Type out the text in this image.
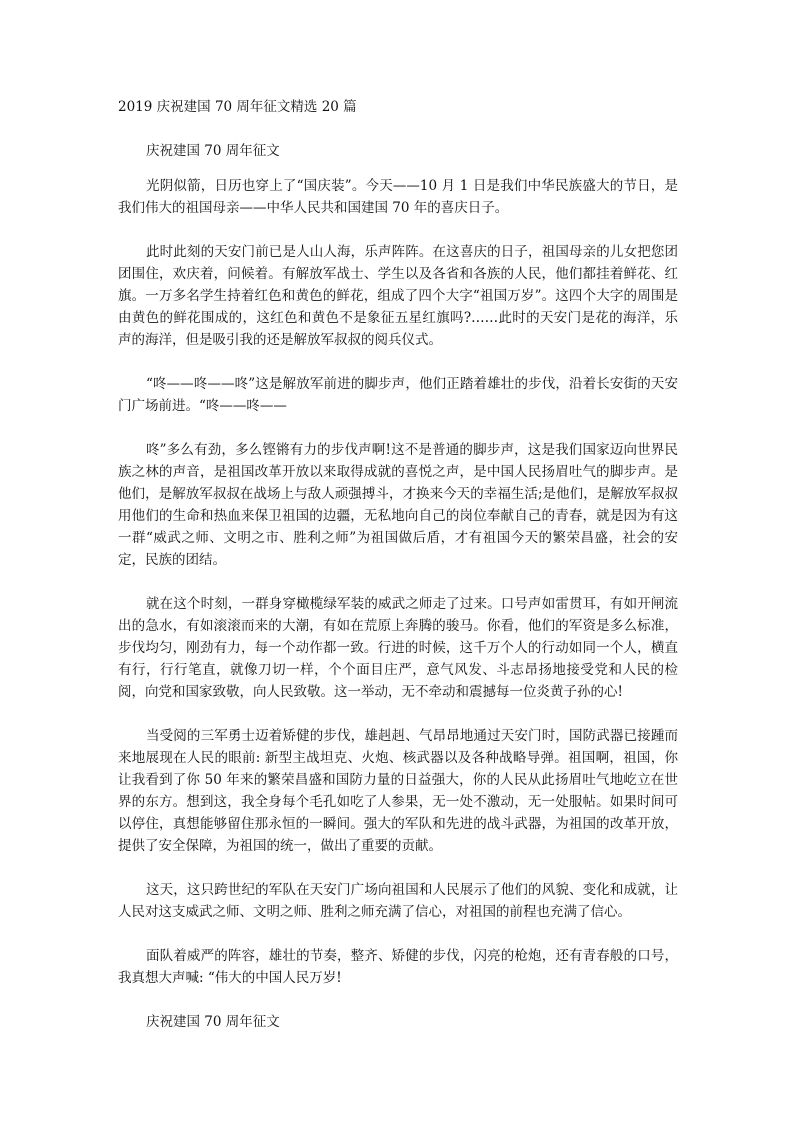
2019 庆祝建国 70 周年征文精选 20 篇
庆祝建国 70 周年征文

光阴似箭，日历也穿上了“国庆装”。今天——10 月 1 日是我们中华民族盛大的节日，是我们伟大的祖国母亲——中华人民共和国建国 70 年的喜庆日子。

此时此刻的天安门前已是人山人海，乐声阵阵。在这喜庆的日子，祖国母亲的儿女把您团团围住，欢庆着，问候着。有解放军战士、学生以及各省和各族的人民，他们都挂着鲜花、红旗。一万多名学生持着红色和黄色的鲜花，组成了四个大字“祖国万岁”。这四个大字的周围是由黄色的鲜花围成的，这红色和黄色不是象征五星红旗吗?……此时的天安门是花的海洋，乐声的海洋，但是吸引我的还是解放军叔叔的阅兵仪式。

“咚——咚——咚”这是解放军前进的脚步声，他们正踏着雄壮的步伐，沿着长安街的天安门广场前进。“咚——咚——

咚”多么有劲，多么铿锵有力的步伐声啊!这不是普通的脚步声，这是我们国家迈向世界民族之林的声音，是祖国改革开放以来取得成就的喜悦之声，是中国人民扬眉吐气的脚步声。是他们，是解放军叔叔在战场上与敌人顽强搏斗，才换来今天的幸福生活;是他们，是解放军叔叔用他们的生命和热血来保卫祖国的边疆，无私地向自己的岗位奉献自己的青春，就是因为有这一群“威武之师、文明之市、胜利之师”为祖国做后盾，才有祖国今天的繁荣昌盛，社会的安定，民族的团结。

就在这个时刻，一群身穿橄榄绿军装的威武之师走了过来。口号声如雷贯耳，有如开闸流出的急水，有如滚滚而来的大潮，有如在荒原上奔腾的骏马。你看，他们的军资是多么标准，步伐均匀，刚劲有力，每一个动作都一致。行进的时候，这千万个人的行动如同一个人，横直有行，行行笔直，就像刀切一样，个个面目庄严，意气风发、斗志昂扬地接受党和人民的检阅，向党和国家致敬，向人民致敬。这一举动，无不牵动和震撼每一位炎黄子孙的心!

当受阅的三军勇士迈着矫健的步伐，雄赳赳、气昂昂地通过天安门时，国防武器已接踵而来地展现在人民的眼前: 新型主战坦克、火炮、核武器以及各种战略导弹。祖国啊，祖国，你让我看到了你 50 年来的繁荣昌盛和国防力量的日益强大，你的人民从此扬眉吐气地屹立在世界的东方。想到这，我全身每个毛孔如吃了人参果，无一处不激动，无一处服帖。如果时间可以停住，真想能够留住那永恒的一瞬间。强大的军队和先进的战斗武器，为祖国的改革开放，提供了安全保障，为祖国的统一，做出了重要的贡献。

这天，这只跨世纪的军队在天安门广场向祖国和人民展示了他们的风貌、变化和成就，让人民对这支威武之师、文明之师、胜利之师充满了信心，对祖国的前程也充满了信心。

面队着威严的阵容，雄壮的节奏，整齐、矫健的步伐，闪亮的枪炮，还有青春般的口号，我真想大声喊: “伟大的中国人民万岁!

庆祝建国 70 周年征文
